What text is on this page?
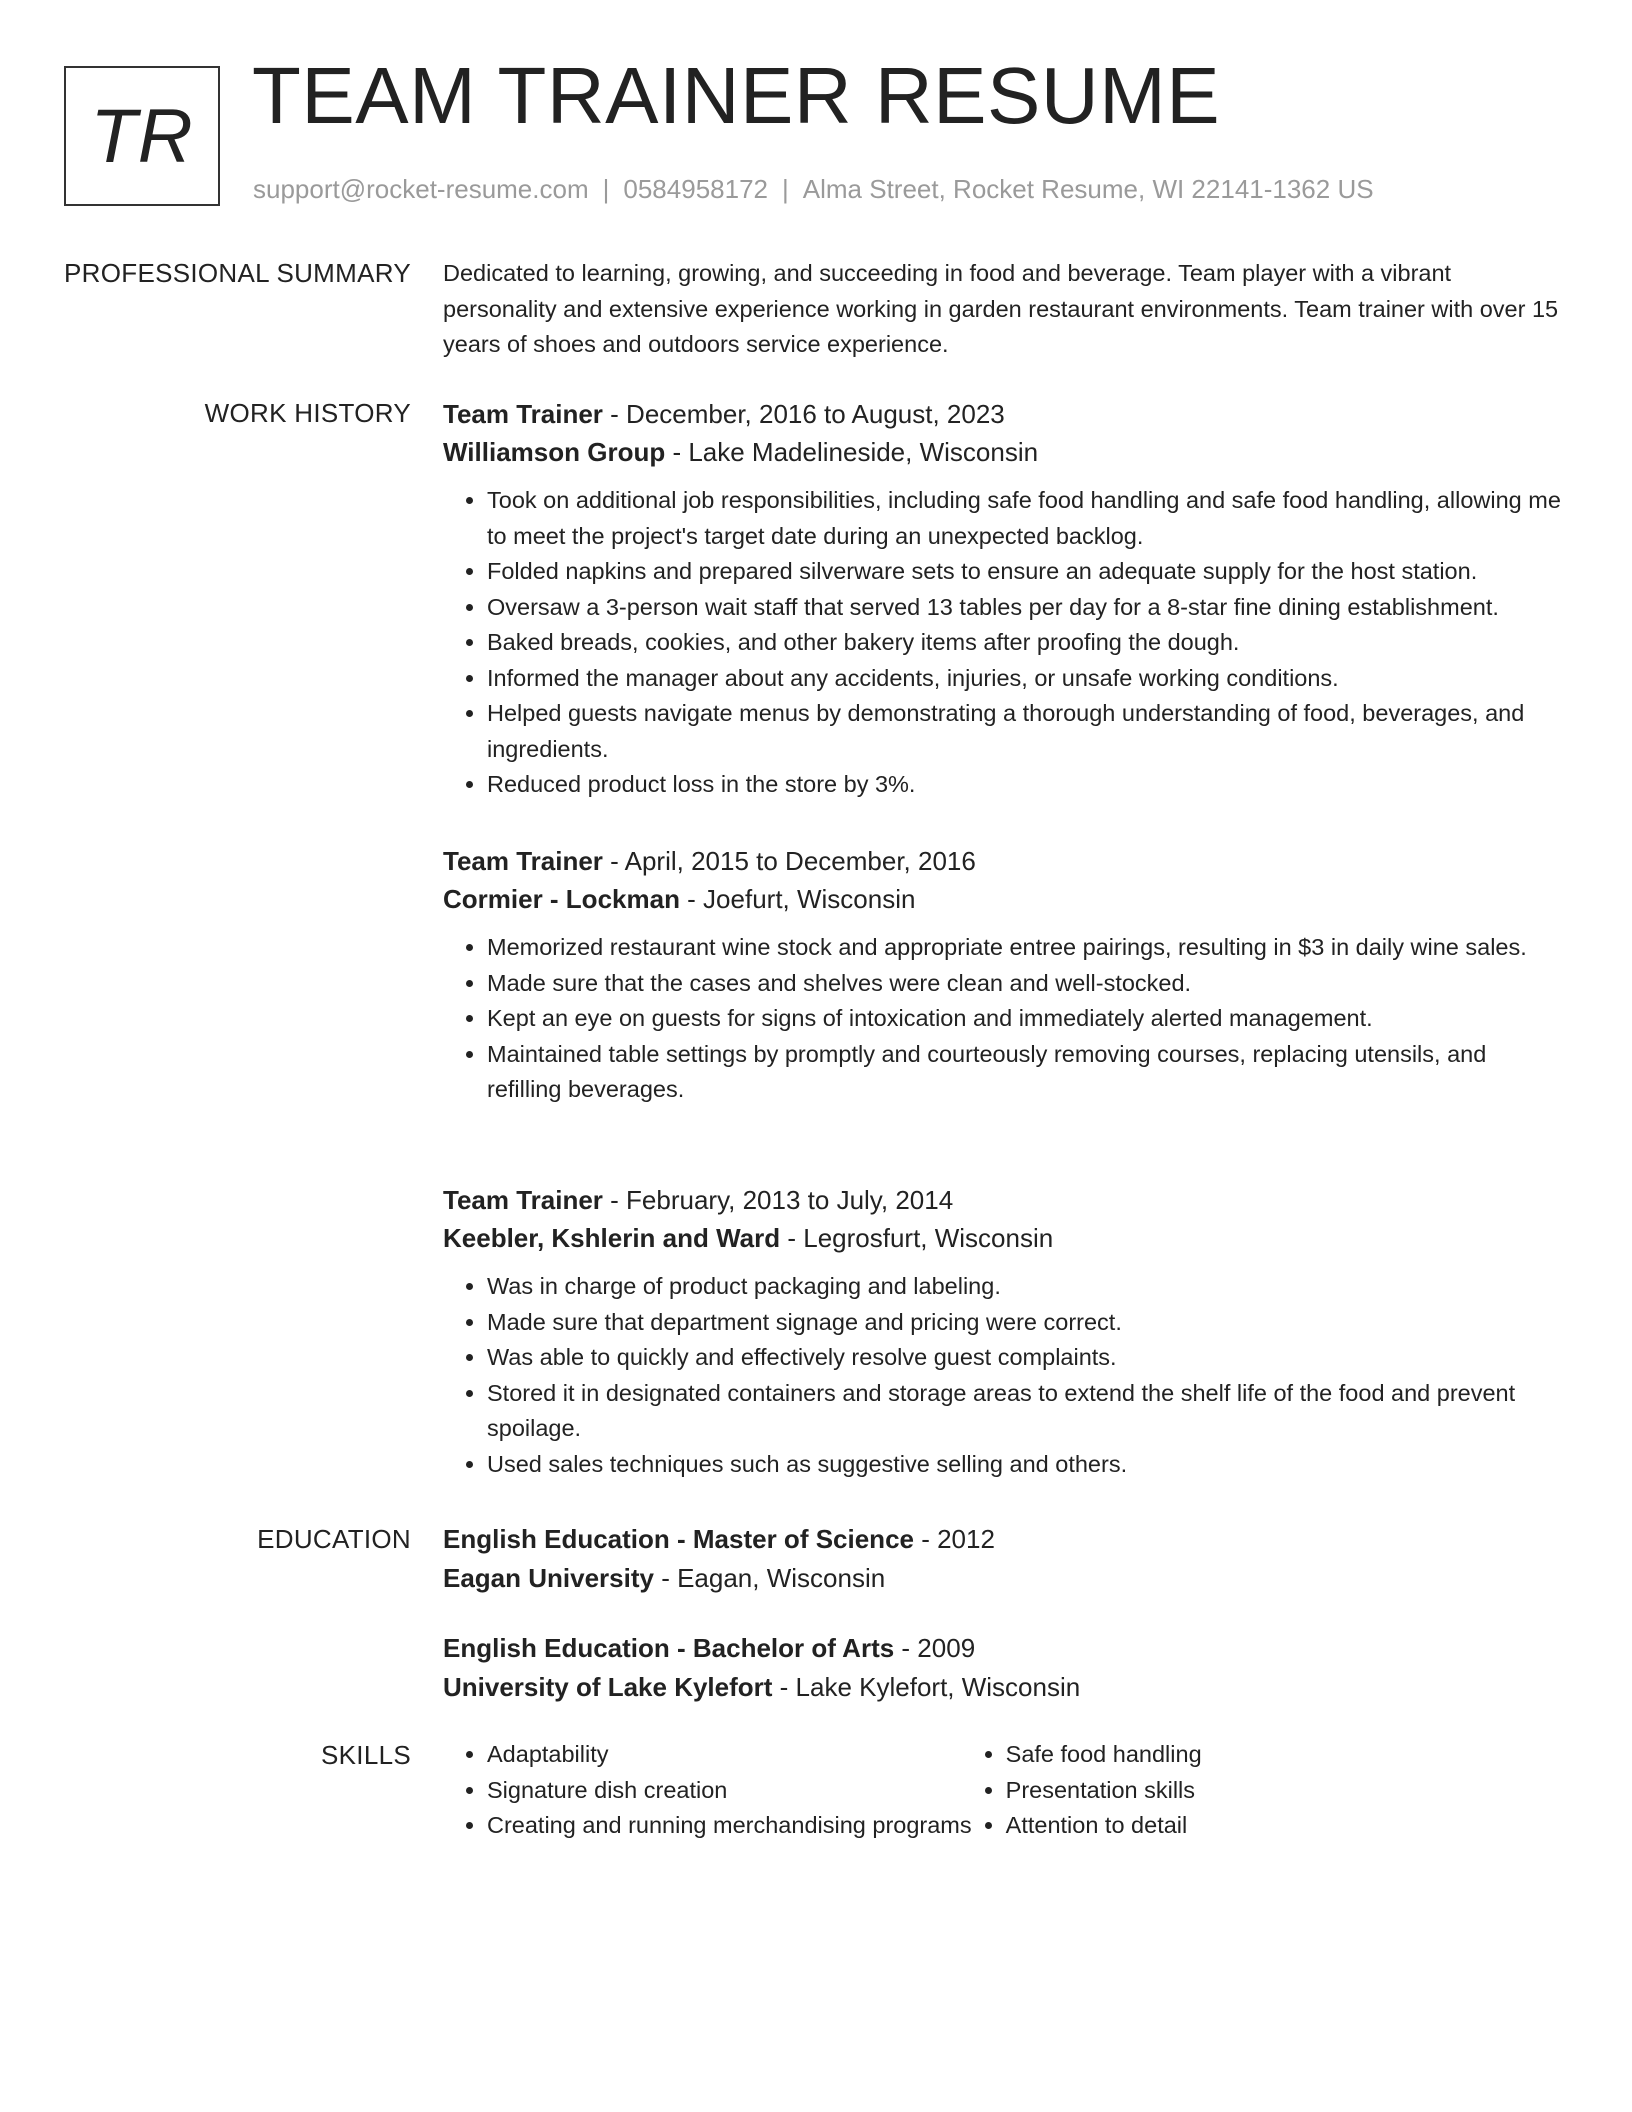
TR TEAM TRAINER RESUME
support@rocket-resume.com | 0584958172 | Alma Street, Rocket Resume, WI 22141-1362 US
PROFESSIONAL SUMMARY Dedicated to learning, growing, and succeeding in food and beverage. Team player with a vibrant personality and extensive experience working in garden restaurant environments. Team trainer with over 15 years of shoes and outdoors service experience.

WORK HISTORY Team Trainer - December, 2016 to August, 2023
Williamson Group - Lake Madelineside, Wisconsin
• Took on additional job responsibilities, including safe food handling and safe food handling, allowing me to meet the project's target date during an unexpected backlog.
• Folded napkins and prepared silverware sets to ensure an adequate supply for the host station.
• Oversaw a 3-person wait staff that served 13 tables per day for a 8-star fine dining establishment.
• Baked breads, cookies, and other bakery items after proofing the dough.
• Informed the manager about any accidents, injuries, or unsafe working conditions.
• Helped guests navigate menus by demonstrating a thorough understanding of food, beverages, and ingredients.
• Reduced product loss in the store by 3%.
Team Trainer - April, 2015 to December, 2016
Cormier - Lockman - Joefurt, Wisconsin
• Memorized restaurant wine stock and appropriate entree pairings, resulting in $3 in daily wine sales.
• Made sure that the cases and shelves were clean and well-stocked.
• Kept an eye on guests for signs of intoxication and immediately alerted management.
• Maintained table settings by promptly and courteously removing courses, replacing utensils, and refilling beverages.
Team Trainer - February, 2013 to July, 2014
Keebler, Kshlerin and Ward - Legrosfurt, Wisconsin
• Was in charge of product packaging and labeling.
• Made sure that department signage and pricing were correct.
• Was able to quickly and effectively resolve guest complaints.
• Stored it in designated containers and storage areas to extend the shelf life of the food and prevent spoilage.
• Used sales techniques such as suggestive selling and others.
EDUCATION English Education - Master of Science - 2012
Eagan University - Eagan, Wisconsin
English Education - Bachelor of Arts - 2009
University of Lake Kylefort - Lake Kylefort, Wisconsin
SKILLS
•	Adaptability
• Signature dish creation
• Creating and running merchandising programs
• Safe food handling
• Presentation skills
• Attention to detail
